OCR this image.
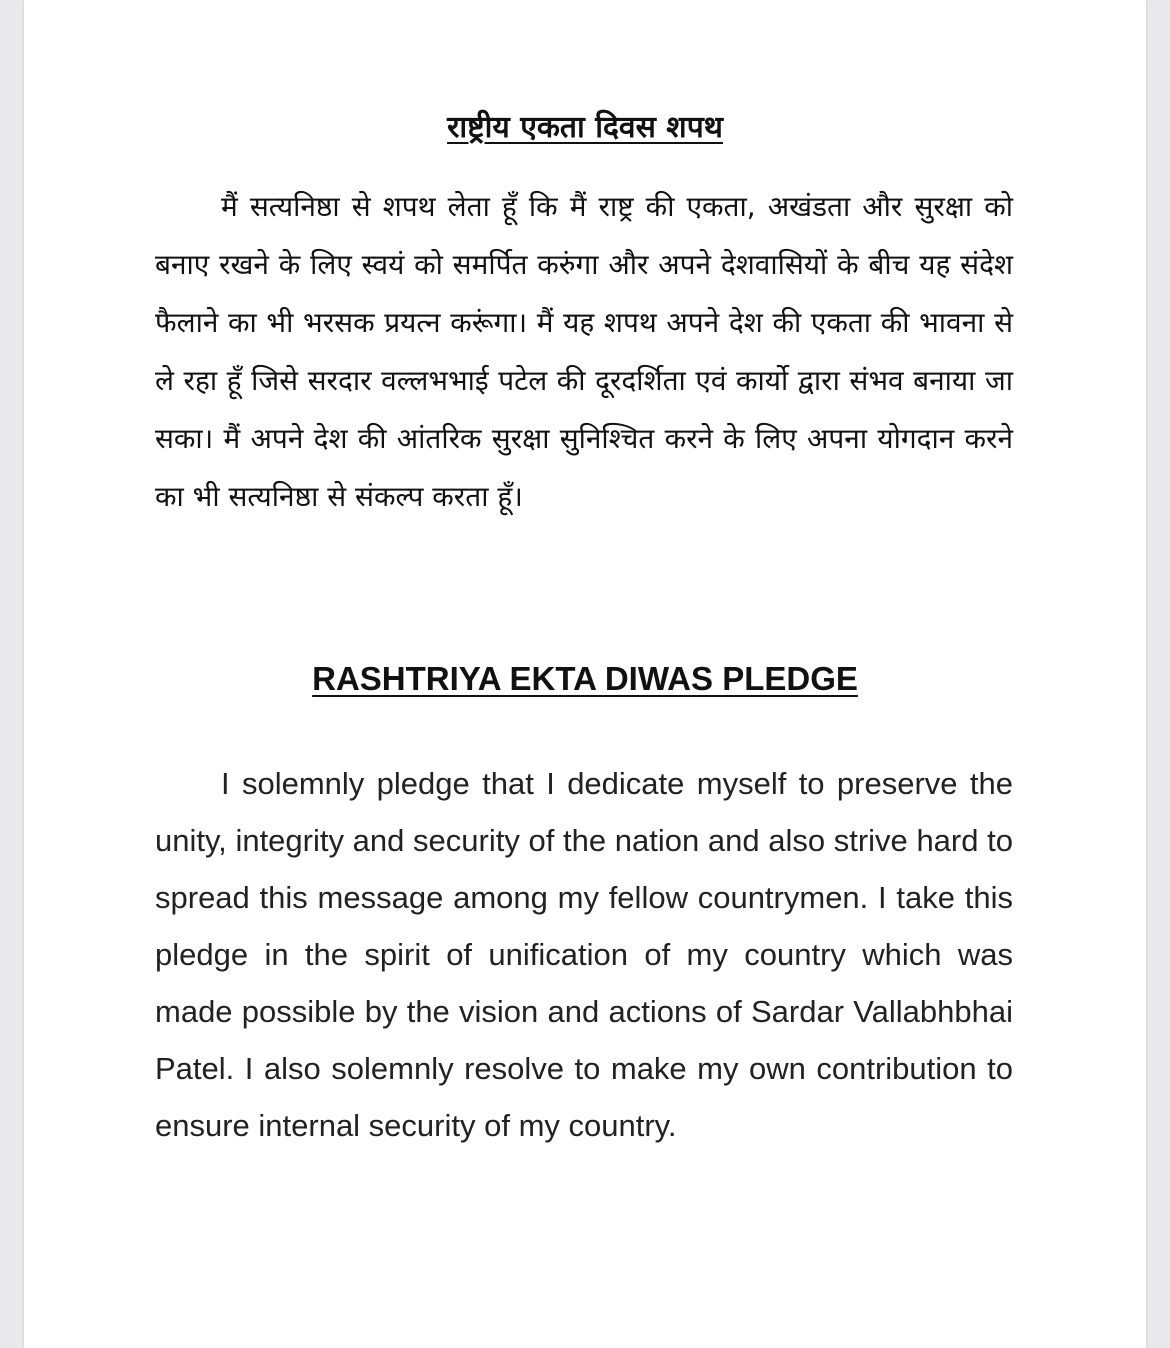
राष्ट्रीय एकता दिवस शपथ

मैं सत्यनिष्ठा से शपथ लेता हूँ कि मैं राष्ट्र की एकता, अखंडता और सुरक्षा को बनाए रखने के लिए स्वयं को समर्पित करुंगा और अपने देशवासियों के बीच यह संदेश फैलाने का भी भरसक प्रयत्न करूंगा। मैं यह शपथ अपने देश की एकता की भावना से ले रहा हूँ जिसे सरदार वल्लभभाई पटेल की दूरदर्शिता एवं कार्यो द्वारा संभव बनाया जा सका। मैं अपने देश की आंतरिक सुरक्षा सुनिश्चित करने के लिए अपना योगदान करने का भी सत्यनिष्ठा से संकल्प करता हूँ।

RASHTRIYA EKTA DIWAS PLEDGE

I solemnly pledge that I dedicate myself to preserve the unity, integrity and security of the nation and also strive hard to spread this message among my fellow countrymen. I take this pledge in the spirit of unification of my country which was made possible by the vision and actions of Sardar Vallabhbhai Patel. I also solemnly resolve to make my own contribution to ensure internal security of my country.
